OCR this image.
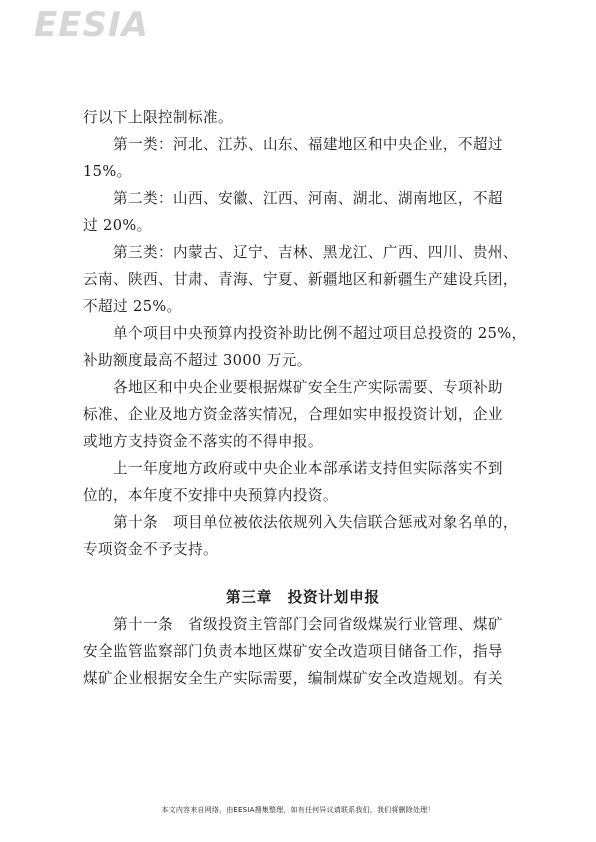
EESIA
行以下上限控制标准。
第一类：河北、江苏、山东、福建地区和中央企业，不超过
15%。
第二类：山西、安徽、江西、河南、湖北、湖南地区，不超
过 20%。
第三类：内蒙古、辽宁、吉林、黑龙江、广西、四川、贵州、
云南、陕西、甘肃、青海、宁夏、新疆地区和新疆生产建设兵团，
不超过 25%。
单个项目中央预算内投资补助比例不超过项目总投资的 25%，
补助额度最高不超过 3000 万元。
各地区和中央企业要根据煤矿安全生产实际需要、专项补助
标准、企业及地方资金落实情况，合理如实申报投资计划，企业
或地方支持资金不落实的不得申报。
上一年度地方政府或中央企业本部承诺支持但实际落实不到
位的，本年度不安排中央预算内投资。
第十条　项目单位被依法依规列入失信联合惩戒对象名单的，
专项资金不予支持。
第三章　投资计划申报
第十一条　省级投资主管部门会同省级煤炭行业管理、煤矿
安全监管监察部门负责本地区煤矿安全改造项目储备工作，指导
煤矿企业根据安全生产实际需要，编制煤矿安全改造规划。有关
本文内容来自网络，由EESIA搜集整理，如有任何异议请联系我们，我们将删除处理！
